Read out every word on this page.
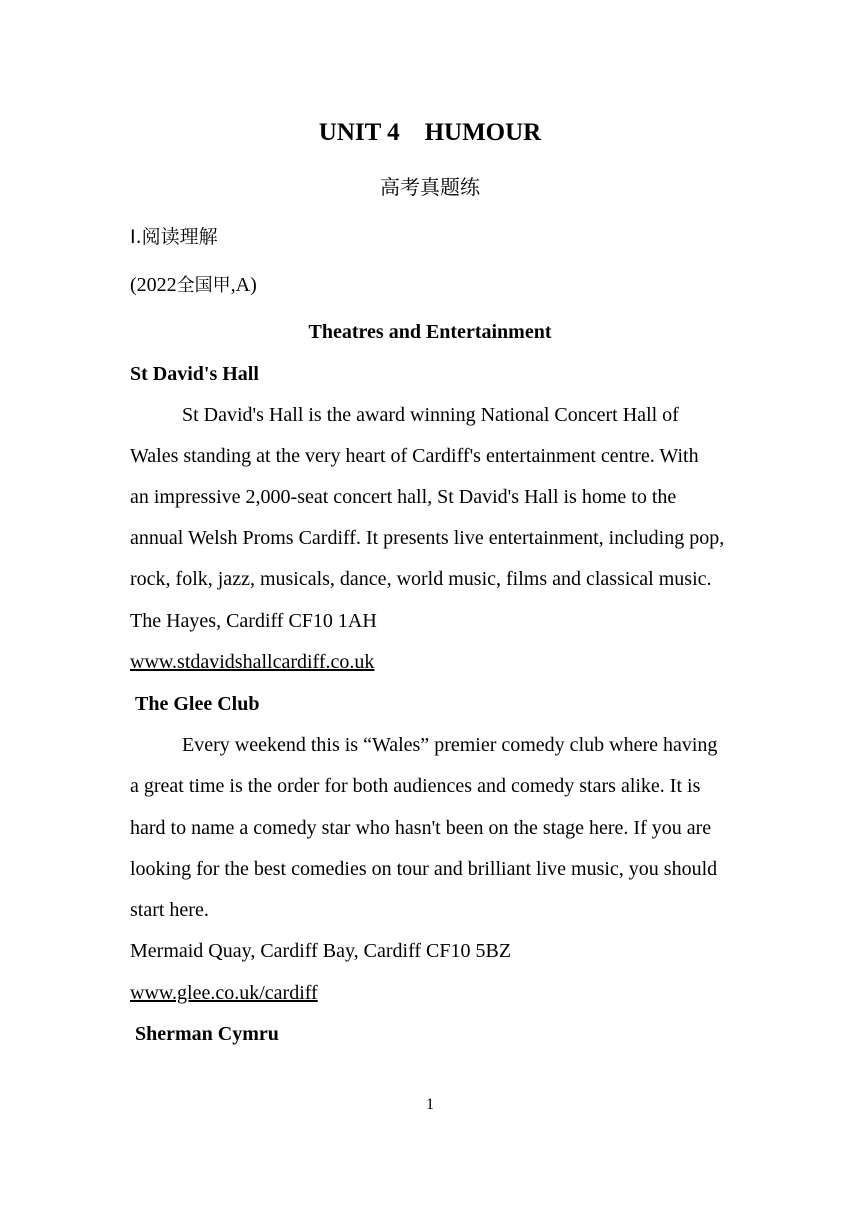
UNIT 4　HUMOUR
高考真题练
Ⅰ.阅读理解
(2022全国甲,A)
Theatres and Entertainment
St David's Hall
St David's Hall is the award winning National Concert Hall of
Wales standing at the very heart of Cardiff's entertainment centre. With
an impressive 2,000-seat concert hall, St David's Hall is home to the
annual Welsh Proms Cardiff. It presents live entertainment, including pop,
rock, folk, jazz, musicals, dance, world music, films and classical music.
The Hayes, Cardiff CF10 1AH
www.stdavidshallcardiff.co.uk
The Glee Club
Every weekend this is “Wales” premier comedy club where having
a great time is the order for both audiences and comedy stars alike. It is
hard to name a comedy star who hasn't been on the stage here. If you are
looking for the best comedies on tour and brilliant live music, you should
start here.
Mermaid Quay, Cardiff Bay, Cardiff CF10 5BZ
www.glee.co.uk/cardiff
Sherman Cymru
1
